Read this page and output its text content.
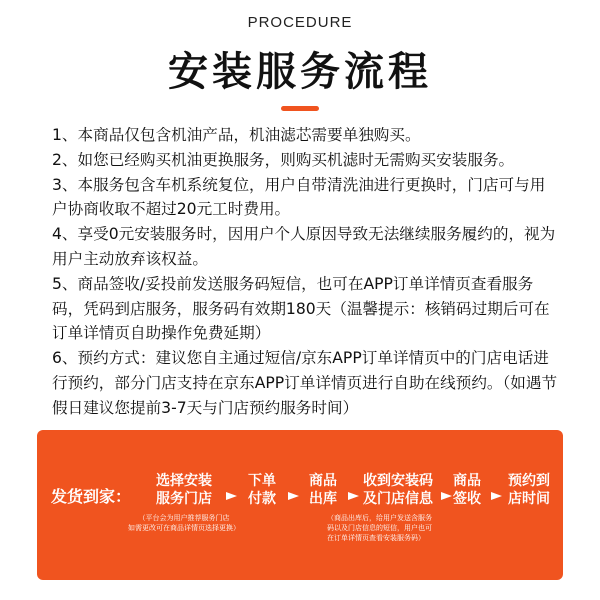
PROCEDURE
安装服务流程
1、本商品仅包含机油产品，机油滤芯需要单独购买。
2、如您已经购买机油更换服务，则购买机滤时无需购买安装服务。
3、本服务包含车机系统复位，用户自带清洗油进行更换时，门店可与用户协商收取不超过20元工时费用。
4、享受0元安装服务时，因用户个人原因导致无法继续服务履约的，视为用户主动放弃该权益。
5、商品签收/妥投前发送服务码短信，也可在APP订单详情页查看服务码，凭码到店服务，服务码有效期180天（温馨提示：核销码过期后可在订单详情页自助操作免费延期）
6、预约方式：建议您自主通过短信/京东APP订单详情页中的门店电话进行预约，部分门店支持在京东APP订单详情页进行自助在线预约。（如遇节假日建议您提前3-7天与门店预约服务时间）
发货到家：
选择安装
服务门店
下单
付款
商品
出库
收到安装码
及门店信息
商品
签收
预约到
店时间
（平台会为用户推荐服务门店
如需更改可在商品详情页选择更换）
（商品出库后，给用户发送含服务
码以及门店信息的短信，用户也可
在订单详情页查看安装服务码）
